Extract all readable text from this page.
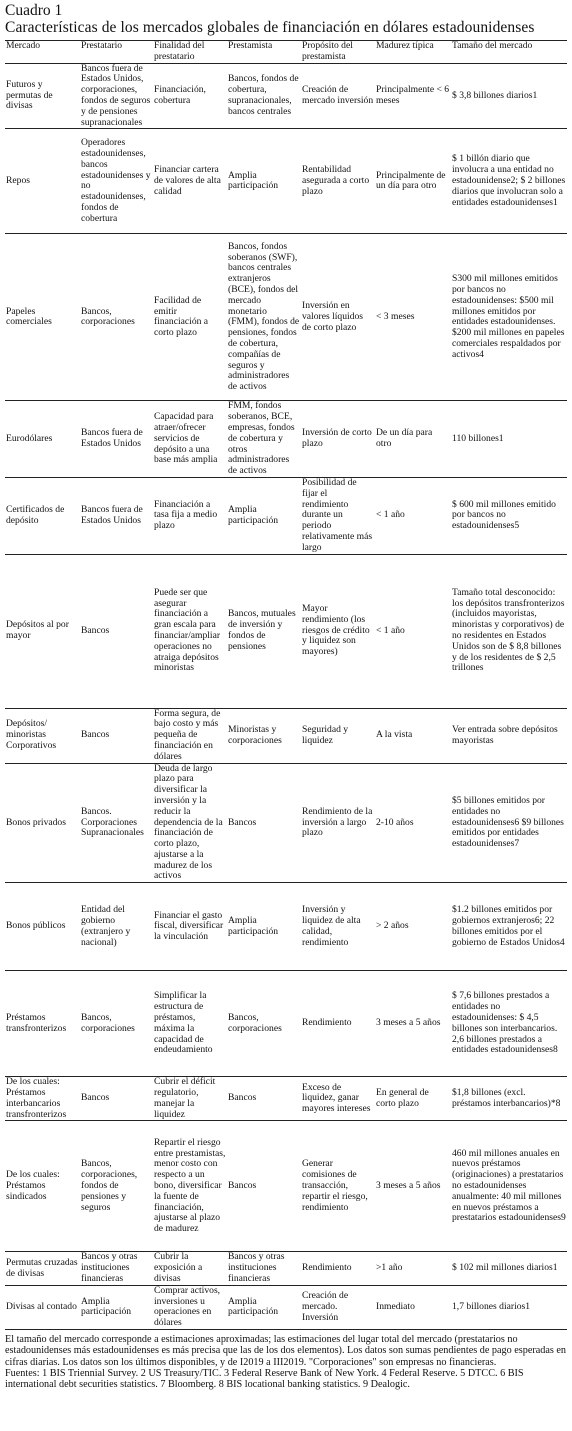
Cuadro 1

Características de los mercados globales de financiación en dólares estadounidenses

Mercado	Prestatario	Finalidad del prestatario	Prestamista	Propósito del prestamista	Madurez típica	Tamaño del mercado
Futuros y permutas de divisas	Bancos fuera de Estados Unidos, corporaciones, fondos de seguros y de pensiones supranacionales	Financiación, cobertura	Bancos, fondos de cobertura, supranacionales, bancos centrales	Creación de mercado inversión	Principalmente < 6 meses	$ 3,8 billones diarios1
Repos	Operadores estadounidenses, bancos estadounidenses y no estadounidenses, fondos de cobertura	Financiar cartera de valores de alta calidad	Amplia participación	Rentabilidad asegurada a corto plazo	Principalmente de un día para otro	$ 1 billón diario que involucra a una entidad no estadounidense2; $ 2 billones diarios que involucran solo a entidades estadounidenses1
Papeles comerciales	Bancos, corporaciones	Facilidad de emitir financiación a corto plazo	Bancos, fondos soberanos (SWF), bancos centrales extranjeros (BCE), fondos del mercado monetario (FMM), fondos de pensiones, fondos de cobertura, compañías de seguros y administradores de activos	Inversión en valores líquidos de corto plazo	< 3 meses	S300 mil millones emitidos por bancos no estadounidenses: $500 mil millones emitidos por entidades estadounidenses. $200 mil millones en papeles comerciales respaldados por activos4
Eurodólares	Bancos fuera de Estados Unidos	Capacidad para atraer/ofrecer servicios de depósito a una base más amplia	FMM, fondos soberanos, BCE, empresas, fondos de cobertura y otros administradores de activos	Inversión de corto plazo	De un día para otro	110 billones1
Certificados de depósito	Bancos fuera de Estados Unidos	Financiación a tasa fija a medio plazo	Amplia participación	Posibilidad de fijar el rendimiento durante un periodo relativamente más largo	< 1 año	$ 600 mil millones emitido por bancos no estadounidenses5
Depósitos al por mayor	Bancos	Puede ser que asegurar financiación a gran escala para financiar/ampliar operaciones no atraiga depósitos minoristas	Bancos, mutuales de inversión y fondos de pensiones	Mayor rendimiento (los riesgos de crédito y liquidez son mayores)	< 1 año	Tamaño total desconocido: los depósitos transfronterizos (incluidos mayoristas, minoristas y corporativos) de no residentes en Estados Unidos son de $ 8,8 billones y de los residentes de $ 2,5 trillones
Depósitos/ minoristas Corporativos	Bancos	Forma segura, de bajo costo y más pequeña de financiación en dólares	Minoristas y corporaciones	Seguridad y liquidez	A la vista	Ver entrada sobre depósitos mayoristas
Bonos privados	Bancos. Corporaciones Supranacionales	Deuda de largo plazo para diversificar la inversión y la reducir la dependencia de la financiación de corto plazo, ajustarse a la madurez de los activos	Bancos	Rendimiento de la inversión a largo plazo	2-10 años	$5 billones emitidos por entidades no estadounidenses6 $9 billones emitidos por entidades estadounidenses7
Bonos públicos	Entidad del gobierno (extranjero y nacional)	Financiar el gasto fiscal, diversificar la vinculación	Amplia participación	Inversión y liquidez de alta calidad, rendimiento	> 2 años	$1.2 billones emitidos por gobiernos extranjeros6; 22 billones emitidos por el gobierno de Estados Unidos4
Préstamos transfronterizos	Bancos, corporaciones	Simplificar la estructura de préstamos, máxima la capacidad de endeudamiento	Bancos, corporaciones	Rendimiento	3 meses a 5 años	$ 7,6 billones prestados a entidades no estadounidenses: $ 4,5 billones son interbancarios. 2,6 billones prestados a entidades estadounidenses8
De los cuales: Préstamos interbancarios transfronterizos	Bancos	Cubrir el déficit regulatorio, manejar la liquidez	Bancos	Exceso de liquidez, ganar mayores intereses	En general de corto plazo	$1,8 billones (excl. préstamos interbancarios)*8
De los cuales: Préstamos sindicados	Bancos, corporaciones, fondos de pensiones y seguros	Repartir el riesgo entre prestamistas, menor costo con respecto a un bono, diversificar la fuente de financiación, ajustarse al plazo de madurez	Bancos	Generar comisiones de transacción, repartir el riesgo, rendimiento	3 meses a 5 años	460 mil millones anuales en nuevos préstamos (originaciones) a prestatarios no estadounidenses anualmente: 40 mil millones en nuevos préstamos a prestatarios estadounidenses9
Permutas cruzadas de divisas	Bancos y otras instituciones financieras	Cubrir la exposición a divisas	Bancos y otras instituciones financieras	Rendimiento	>1 año	$ 102 mil millones diarios1
Divisas al contado	Amplia participación	Comprar activos, inversiones u operaciones en dólares	Amplia participación	Creación de mercado. Inversión	Inmediato	1,7 billones diarios1

El tamaño del mercado corresponde a estimaciones aproximadas; las estimaciones del lugar total del mercado (prestatarios no estadounidenses más estadounidenses es más precisa que las de los dos elementos). Los datos son sumas pendientes de pago esperadas en cifras diarias. Los datos son los últimos disponibles, y de I2019 a III2019. "Corporaciones" son empresas no financieras.

Fuentes: 1 BIS Triennial Survey. 2 US Treasury/TIC. 3 Federal Reserve Bank of New York. 4 Federal Reserve. 5 DTCC. 6 BIS international debt securities statistics. 7 Bloomberg. 8 BIS locational banking statistics. 9 Dealogic.
